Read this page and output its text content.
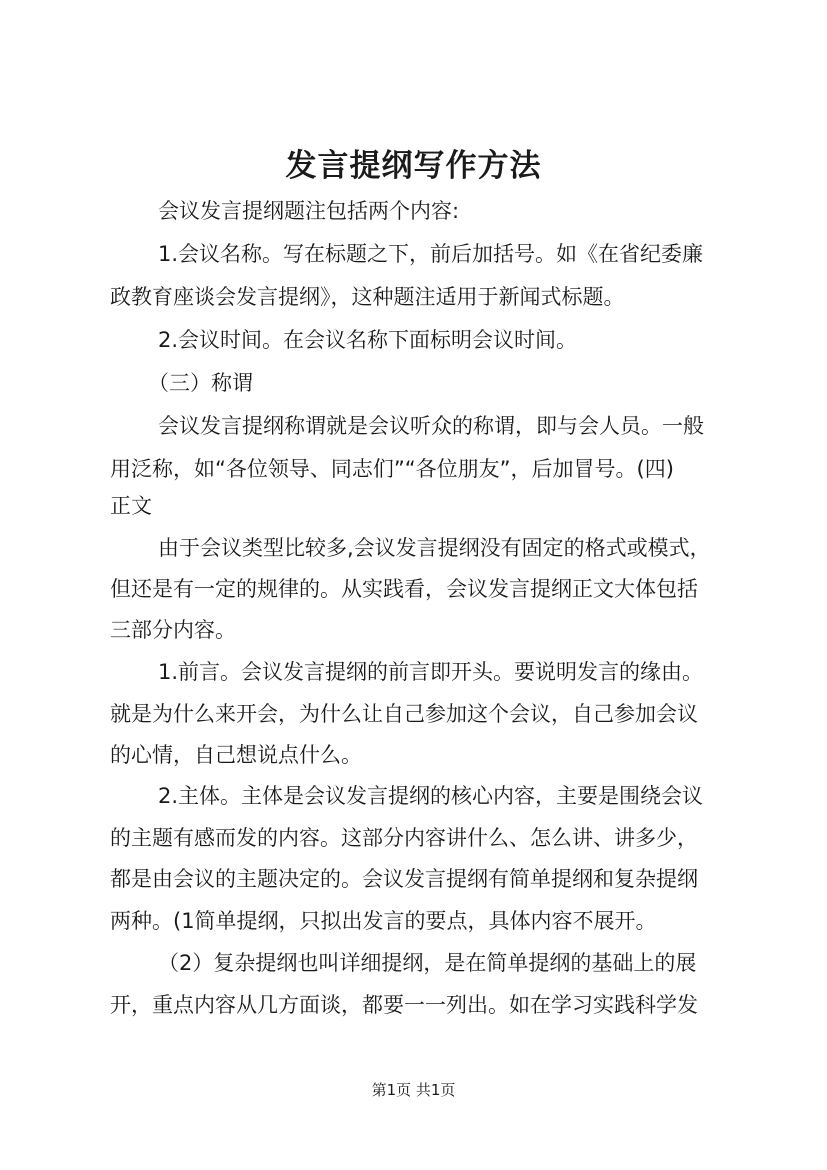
发言提纲写作方法

会议发言提纲题注包括两个内容:

1.会议名称。写在标题之下，前后加括号。如《在省纪委廉

政教育座谈会发言提纲》，这种题注适用于新闻式标题。

2.会议时间。在会议名称下面标明会议时间。

（三）称谓

会议发言提纲称谓就是会议听众的称谓，即与会人员。一般

用泛称，如“各位领导、同志们”“各位朋友”，后加冒号。(四)

正文

由于会议类型比较多,会议发言提纲没有固定的格式或模式，

但还是有一定的规律的。从实践看，会议发言提纲正文大体包括

三部分内容。

1.前言。会议发言提纲的前言即开头。要说明发言的缘由。

就是为什么来开会，为什么让自己参加这个会议，自己参加会议

的心情，自己想说点什么。

2.主体。主体是会议发言提纲的核心内容，主要是围绕会议

的主题有感而发的内容。这部分内容讲什么、怎么讲、讲多少，

都是由会议的主题决定的。会议发言提纲有简单提纲和复杂提纲

两种。(1简单提纲，只拟出发言的要点，具体内容不展开。

（2）复杂提纲也叫详细提纲，是在简单提纲的基础上的展

开，重点内容从几方面谈，都要一一列出。如在学习实践科学发

第1页 共1页
